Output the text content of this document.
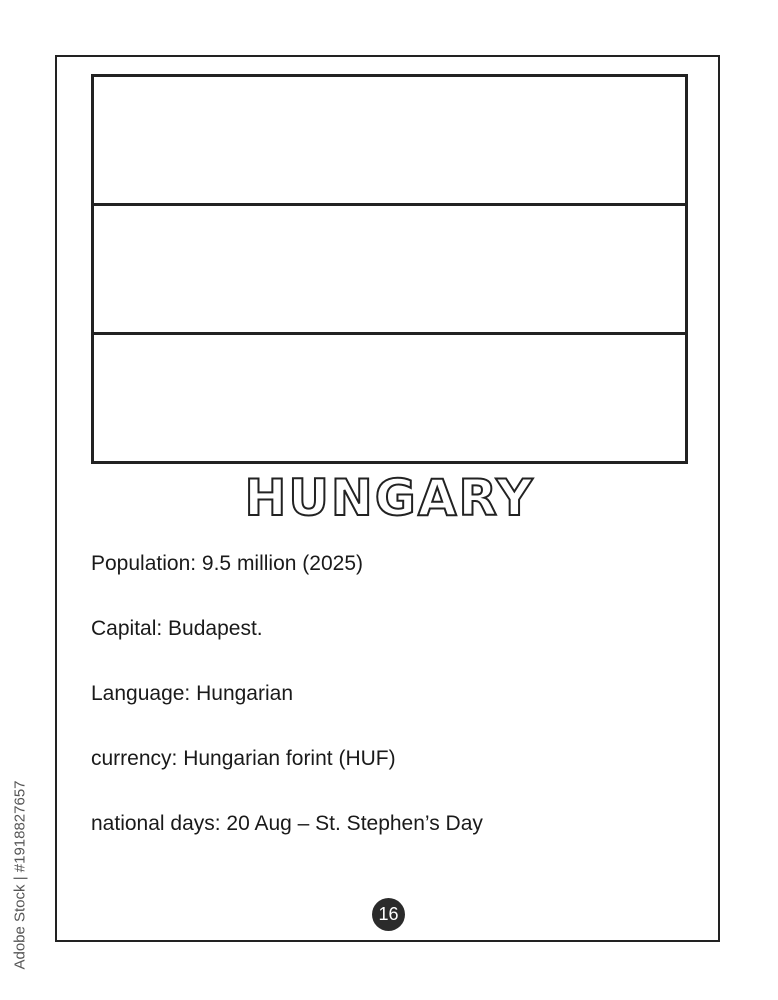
HUNGARY
Population: 9.5 million (2025)
Capital: Budapest.
Language: Hungarian
currency: Hungarian forint (HUF)
national days: 20 Aug – St. Stephen’s Day
16
Adobe Stock | #1918827657
